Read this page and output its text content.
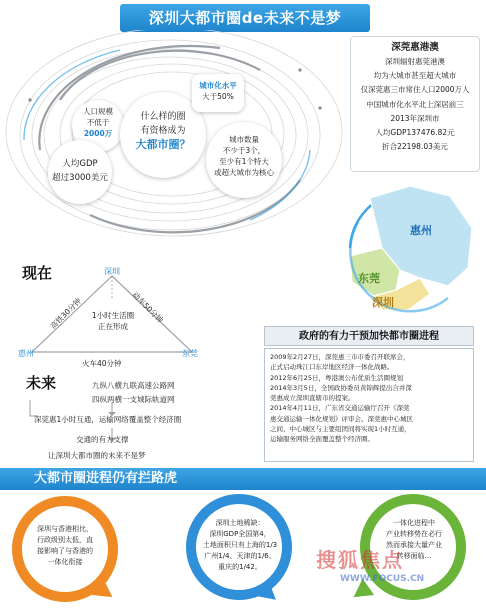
深圳大都市圈de未来不是梦
人口规模
不低于
2000万
人均GDP
超过3000美元
什么样的圈
有资格成为
大都市圈？
城市化水平
大于50%
城市数量
不少于3个，
至少有1个特大
或超大城市为核心
深莞惠港澳
深圳辐射惠莞港澳
均为大城市甚至超大城市
仅深莞惠三市常住人口2000万人
中国城市化水平北上深居前三
2013年深圳市
人均GDP137476.82元
折合22198.03美元
惠州
东莞
深圳
现在	深圳
惠州	东莞
高铁30分钟	动车50分钟
火车40分钟
1小时生活圈
正在形成
未来	九纵八横九联高速公路网
四纵两横一支城际轨道网
深莞惠1小时互通，运输网络覆盖整个经济圈
交通的有力支撑
让深圳大都市圈的未来不是梦
政府的有力干预加快都市圈进程
2009年2月27日，深莞惠三市市委召开联席会，
正式启动珠江口东岸地区经济一体化战略。
2012年6月25日，粤港澳公布优质生活圈规划
2014年3月5日，全国政协委员黄锦辉提出合并深
莞惠成立深圳直辖市的提案。
2014年4月11日，广东省交通运输厅召开《深莞
惠交通运输一体化规划》评审会。深莞惠中心城区
之间、中心城区与主要组团间将实现1小时互通，
运输服务网络全面覆盖整个经济圈。
大都市圈进程仍有拦路虎
深圳与香港相比，
行政级别太低，直
接影响了与香港的
一体化衔接
深圳土地稀缺：
深圳GDP全国第4，
土地面积只有上海的1/3
广州1/4、天津的1/6、
重庆的1/42。
一体化进程中
产业转移势在必行
然而承接大量产业
转移面临...
搜狐焦点
WWW.FOCUS.CN
